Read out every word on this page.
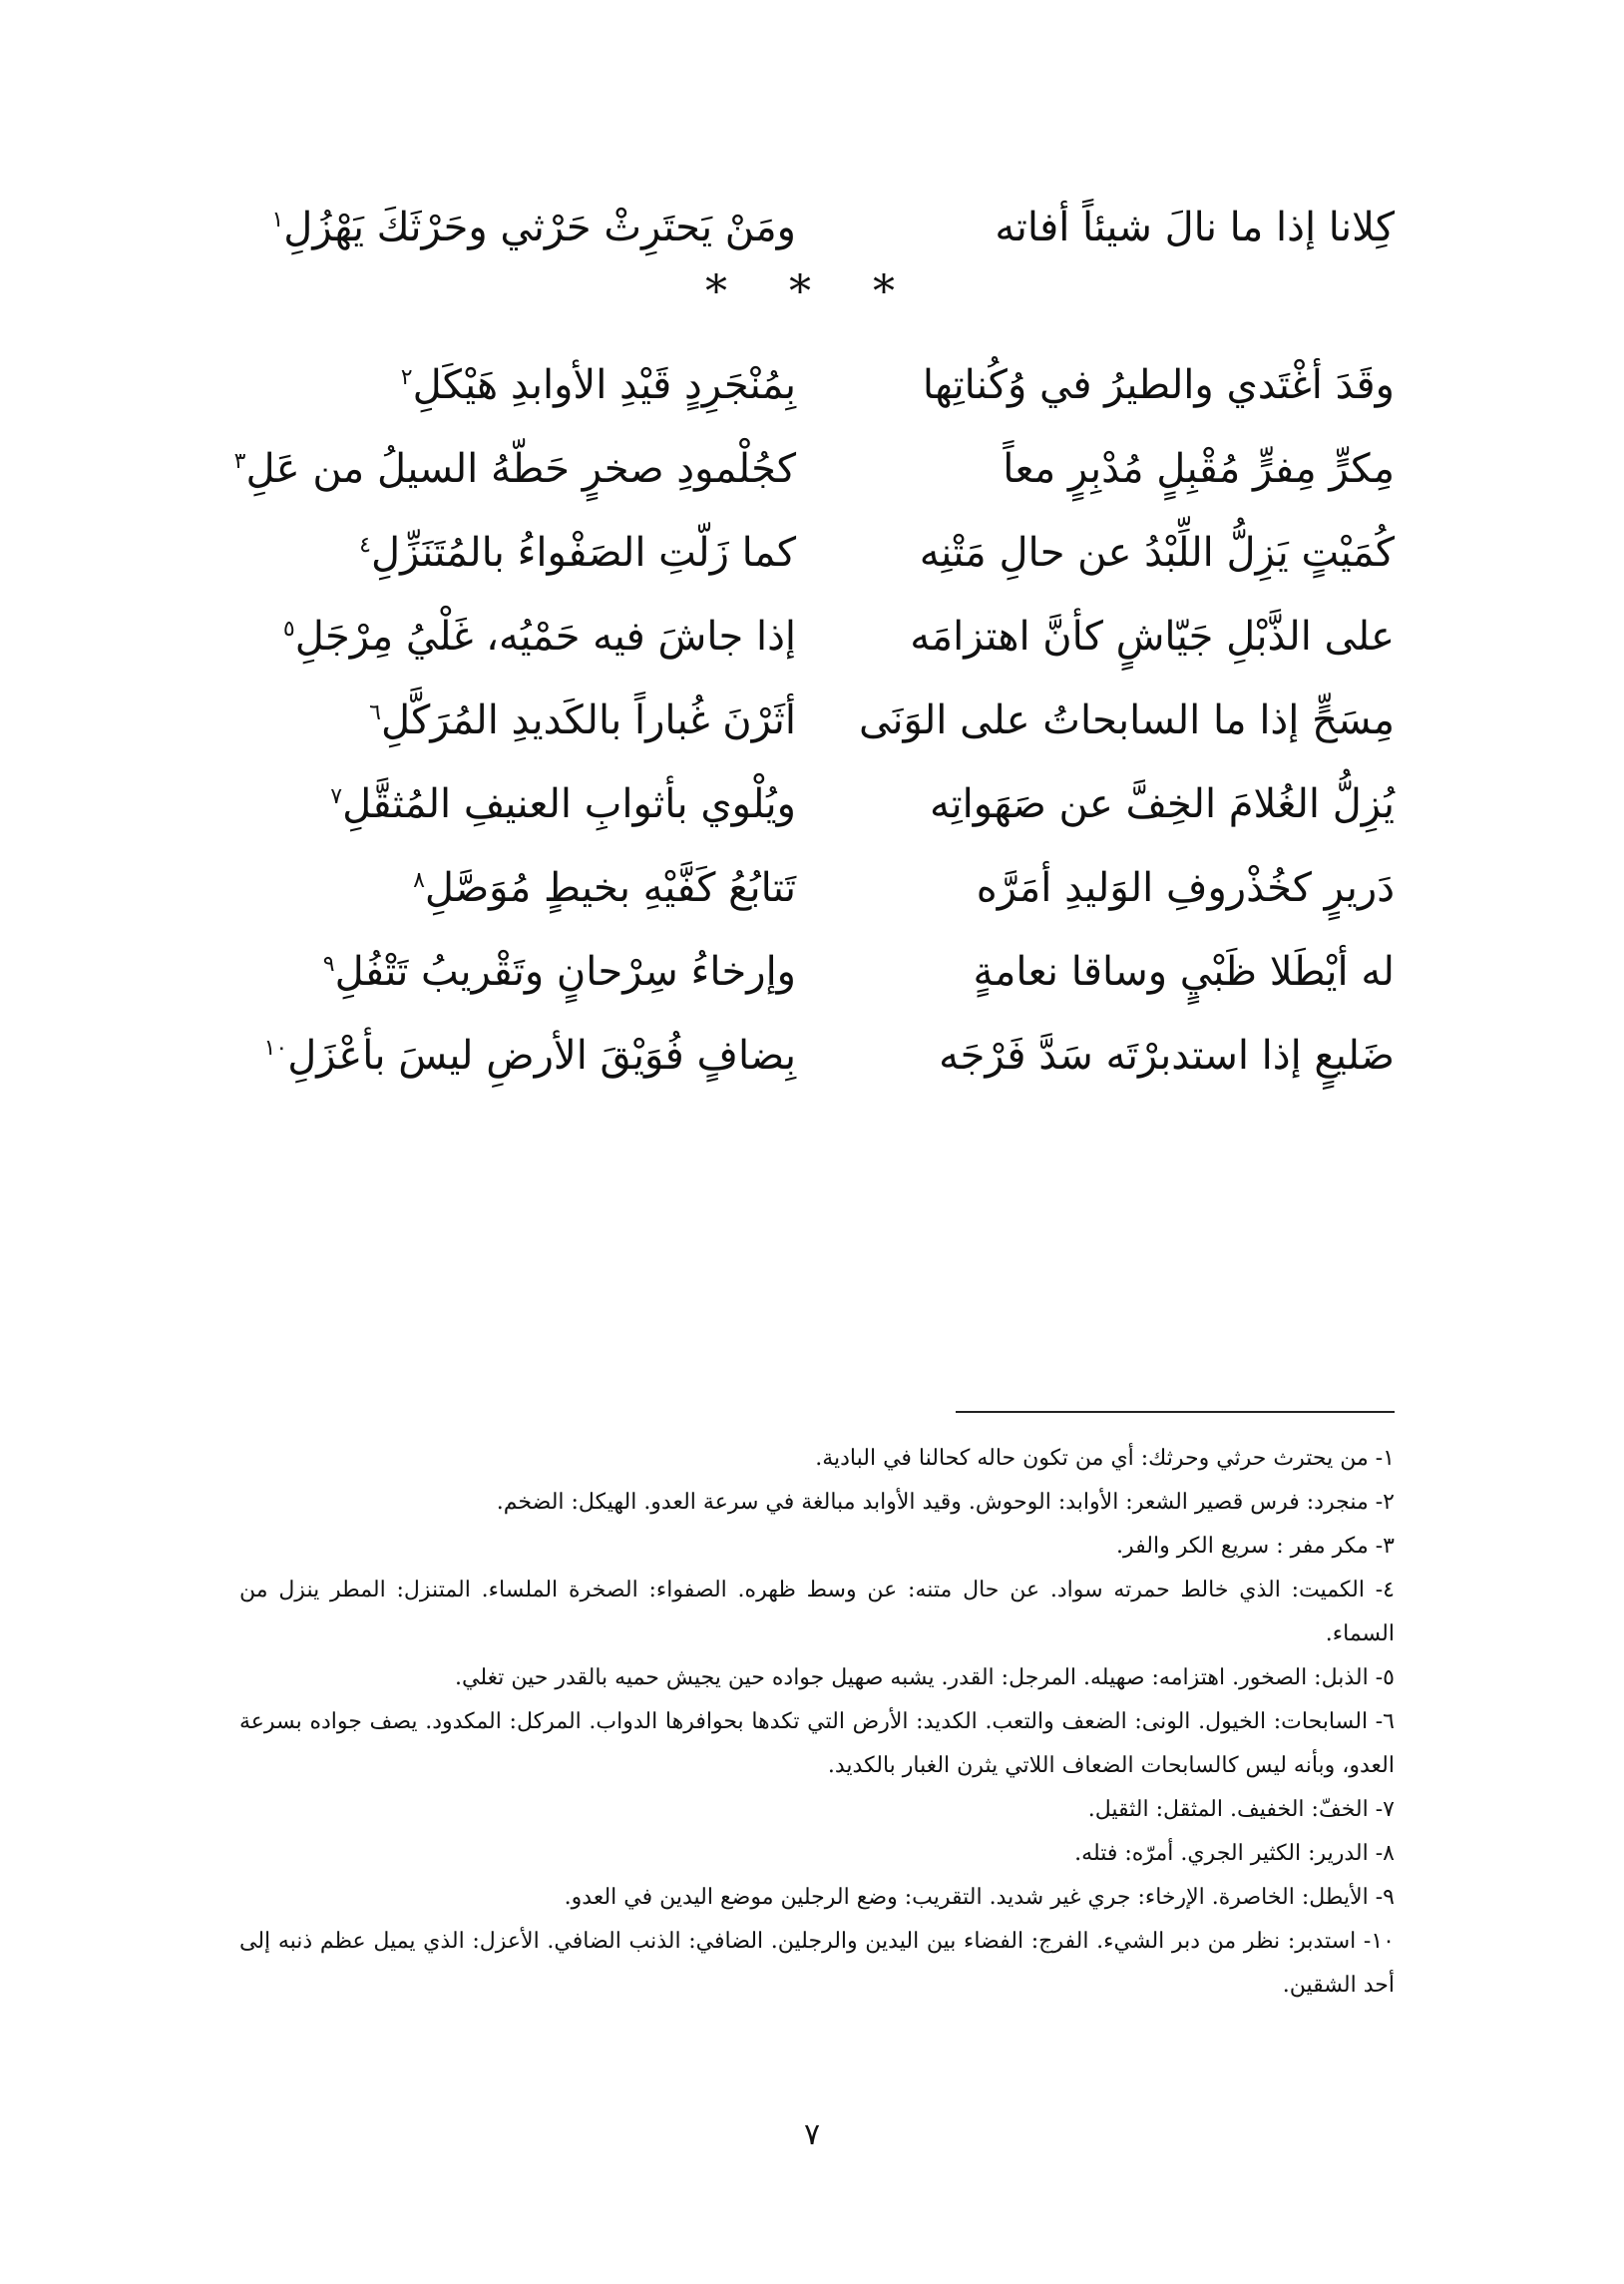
كِلانا إذا ما نالَ شيئاً أفاته
ومَنْ يَحتَرِثْ حَرْثي وحَرْثَكَ يَهْزُلِ$^١$
* * *
وقَدَ أغْتَدي والطيرُ في وُكُناتِها
بِمُنْجَرِدٍ قَيْدِ الأوابدِ هَيْكَلِ$^٢$
مِكرٍّ مِفرٍّ مُقْبِلٍ مُدْبِرٍ معاً
كجُلْمودِ صخرٍ حَطّهُ السيلُ من عَلِ$^٣$
كُمَيْتٍ يَزِلُّ اللِّبْدُ عن حالِ مَتْنِه
كما زَلّتِ الصَفْواءُ بالمُتَنَزِّلِ$^٤$
على الذَّبْلِ جَيّاشٍ كأنَّ اهتزامَه
إذا جاشَ فيه حَمْيُه، غَلْيُ مِرْجَلِ$^٥$
مِسَحٍّ إذا ما السابحاتُ على الوَنَى
أثَرْنَ غُباراً بالكَديدِ المُرَكَّلِ$^٦$
يُزِلُّ الغُلامَ الخِفَّ عن صَهَواتِه
ويُلْوي بأثوابِ العنيفِ المُثقَّلِ$^٧$
دَريرٍ كخُذْروفِ الوَليدِ أمَرَّه
تَتابُعُ كَفَّيْهِ بخيطٍ مُوَصَّلِ$^٨$
له أيْطَلا ظَبْيٍ وساقا نعامةٍ
وإرخاءُ سِرْحانٍ وتَقْريبُ تَتْفُلِ$^٩$
ضَليعٍ إذا استدبرْتَه سَدَّ فَرْجَه
بِضافٍ فُوَيْقَ الأرضِ ليسَ بأعْزَلِ$^{١٠}$
١- من يحترث حرثي وحرثك: أي من تكون حاله كحالنا في البادية.
٢- منجرد: فرس قصير الشعر: الأوابد: الوحوش. وقيد الأوابد مبالغة في سرعة العدو. الهيكل: الضخم.
٣- مكر مفر : سريع الكر والفر.
٤- الكميت: الذي خالط حمرته سواد. عن حال متنه: عن وسط ظهره. الصفواء: الصخرة الملساء. المتنزل: المطر ينزل من السماء.
٥- الذبل: الصخور. اهتزامه: صهيله. المرجل: القدر. يشبه صهيل جواده حين يجيش حميه بالقدر حين تغلي.
٦- السابحات: الخيول. الونى: الضعف والتعب. الكديد: الأرض التي تكدها بحوافرها الدواب. المركل: المكدود. يصف جواده بسرعة العدو، وبأنه ليس كالسابحات الضعاف اللاتي يثرن الغبار بالكديد.
٧- الخفّ: الخفيف. المثقل: الثقيل.
٨- الدرير: الكثير الجري. أمرّه: فتله.
٩- الأيطل: الخاصرة. الإرخاء: جري غير شديد. التقريب: وضع الرجلين موضع اليدين في العدو.
١٠- استدبر: نظر من دبر الشيء. الفرج: الفضاء بين اليدين والرجلين. الضافي: الذنب الضافي. الأعزل: الذي يميل عظم ذنبه إلى أحد الشقين.
٧
